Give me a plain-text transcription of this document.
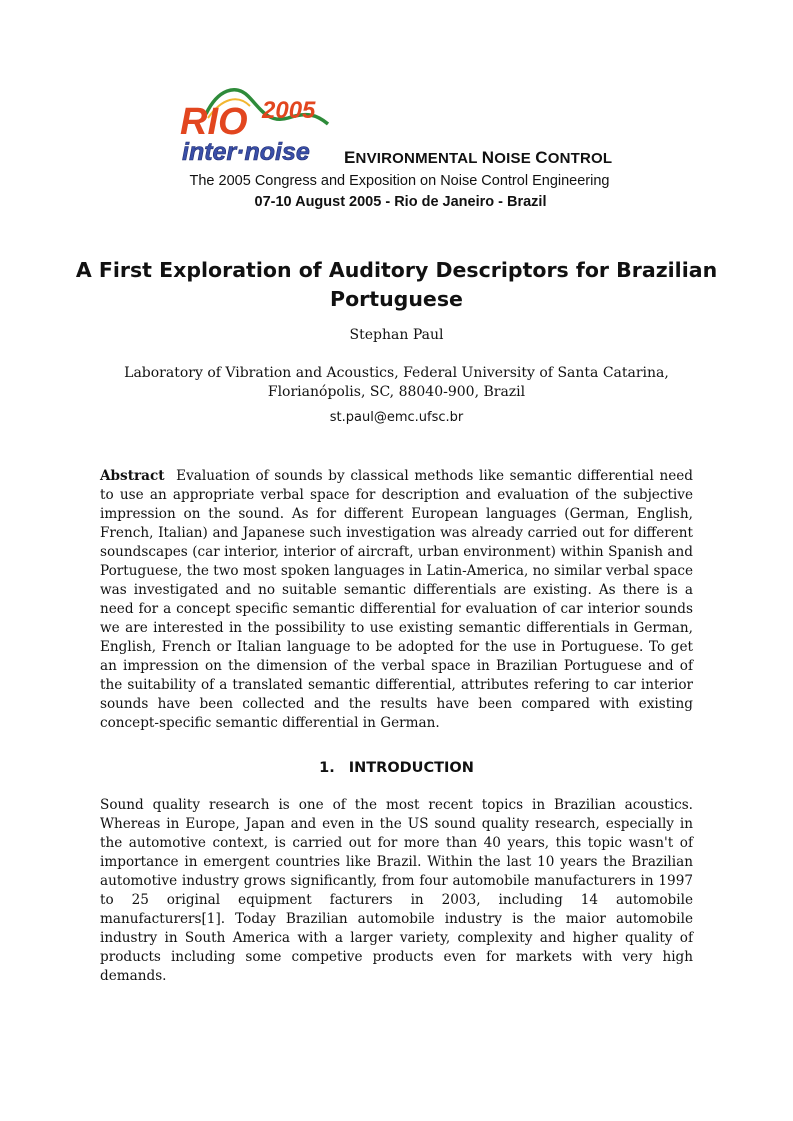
RIO 2005
inter·noise ENVIRONMENTAL NOISE CONTROL
The 2005 Congress and Exposition on Noise Control Engineering
07-10 August 2005 - Rio de Janeiro - Brazil
A First Exploration of Auditory Descriptors for Brazilian Portuguese
Stephan Paul
Laboratory of Vibration and Acoustics, Federal University of Santa Catarina,
Florianópolis, SC, 88040-900, Brazil
st.paul@emc.ufsc.br

Abstract Evaluation of sounds by classical methods like semantic differential need to use an appropriate verbal space for description and evaluation of the subjective impression on the sound. As for different European languages (German, English, French, Italian) and Japanese such investigation was already carried out for different soundscapes (car interior, interior of aircraft, urban environment) within Spanish and Portuguese, the two most spoken languages in Latin-America, no similar verbal space was investigated and no suitable semantic differentials are existing. As there is a need for a concept specific semantic differential for evaluation of car interior sounds we are interested in the possibility to use existing semantic differentials in German, English, French or Italian language to be adopted for the use in Portuguese. To get an impression on the dimension of the verbal space in Brazilian Portuguese and of the suitability of a translated semantic differential, attributes refering to car interior sounds have been collected and the results have been compared with existing concept-specific semantic differential in German.

1. INTRODUCTION

Sound quality research is one of the most recent topics in Brazilian acoustics. Whereas in Europe, Japan and even in the US sound quality research, especially in the automotive context, is carried out for more than 40 years, this topic wasn't of importance in emergent countries like Brazil. Within the last 10 years the Brazilian automotive industry grows significantly, from four automobile manufacturers in 1997 to 25 original equipment facturers in 2003, including 14 automobile manufacturers[1]. Today Brazilian automobile industry is the maior automobile industry in South America with a larger variety, complexity and higher quality of products including some competive products even for markets with very high demands.
